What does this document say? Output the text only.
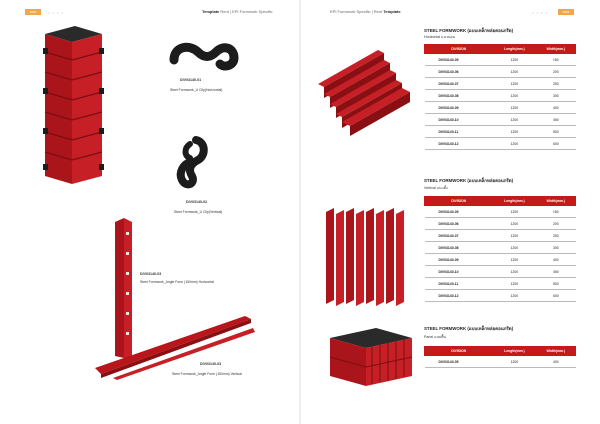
0866	• • • •	Template Rent | EPI Formwork Specific	EPI Formwork Specific | Rent Template	• • • •	0869
DIV03140-01
Steel Formwork_U Clip(Horizontal)
DIV03140-02
Steel Formwork_U Clip(Vertical)
DIV03140-03
Steel Formwork_Angle Form (150mm) Horizontal
DIV03140-03
Steel Formwork_Angle Form (150mm) Vertical
STEEL FORMWORK (แบบเหล็กหล่อคอนกรีต)
Horizontal แนวนอน
DIVISION	Length(mm.)	Width(mm.)
DIV03140-05	1200	150
DIV03140-06	1200	200
DIV03140-07	1200	250
DIV03140-08	1200	300
DIV03140-09	1200	400
DIV03140-10	1200	450
DIV03140-11	1200	500
DIV03140-12	1200	600
STEEL FORMWORK (แบบเหล็กหล่อคอนกรีต)
Vertical แนวตั้ง
DIVISION	Length(mm.)	Width(mm.)
DIV03140-05	1200	150
DIV03140-06	1200	200
DIV03140-07	1200	250
DIV03140-08	1200	300
DIV03140-09	1200	400
DIV03140-10	1200	450
DIV03140-11	1200	500
DIV03140-12	1200	600
STEEL FORMWORK (แบบเหล็กหล่อคอนกรีต)
Panel แบบพื้น
DIVISION	Length(mm.)	Width(mm.)
DIV03140-05	1200	400
